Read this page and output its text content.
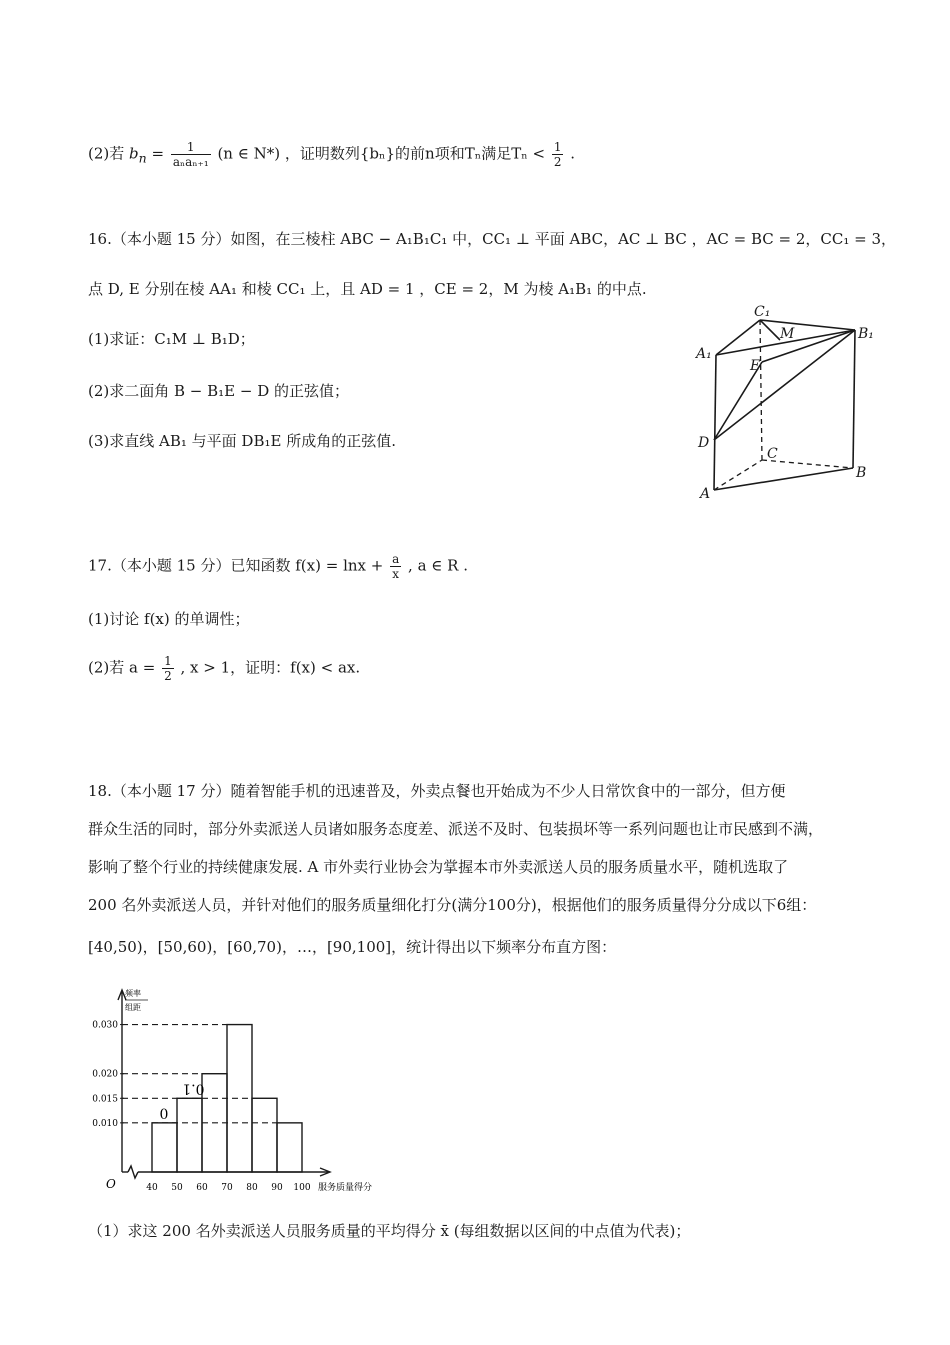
(2)若 $b_n = \frac{1}{\text{aₙaₙ₊₁}} (n$ ∈ N*) ，证明数列{bₙ}的前n项和Tₙ满足$T_n < \frac{1}{2}$ .
16.（本小题 15 分）如图，在三棱柱 ABC − A₁B₁C₁ 中，CC₁ ⊥ 平面 ABC，AC ⊥ BC ，AC = BC = 2，CC₁ = 3，
点 D, E 分别在棱 AA₁ 和棱 CC₁ 上，且 AD = 1 ，CE = 2，M 为棱 A₁B₁ 的中点.
(1)求证：C₁M ⊥ B₁D；
(2)求二面角 B − B₁E − D 的正弦值；
(3)求直线 AB₁ 与平面 DB₁E 所成角的正弦值.
C₁
M	B₁
A₁
E
D
C
B
A
17.（本小题 15 分）已知函数 $f(x) = \ln x + \frac{a}{x}$ , a ∈ R .
(1)讨论 f(x) 的单调性；
(2)若 $a = \frac{1}{2}$ , x > 1，证明：f(x) < ax.
18.（本小题 17 分）随着智能手机的迅速普及，外卖点餐也开始成为不少人日常饮食中的一部分，但方便
群众生活的同时，部分外卖派送人员诸如服务态度差、派送不及时、包装损坏等一系列问题也让市民感到不满，
影响了整个行业的持续健康发展. A 市外卖行业协会为掌握本市外卖派送人员的服务质量水平，随机选取了
200 名外卖派送人员，并针对他们的服务质量细化打分(满分100分)，根据他们的服务质量得分分成以下6组：
[40,50)，[50,60)，[60,70)，…，[90,100]，统计得出以下频率分布直方图：
0.030
0.020
0.015
0.010
40 50 60 70 80 90 100
0
0.1
频率
组距
O	服务质量得分
（1）求这 200 名外卖派送人员服务质量的平均得分 x̄ (每组数据以区间的中点值为代表)；
